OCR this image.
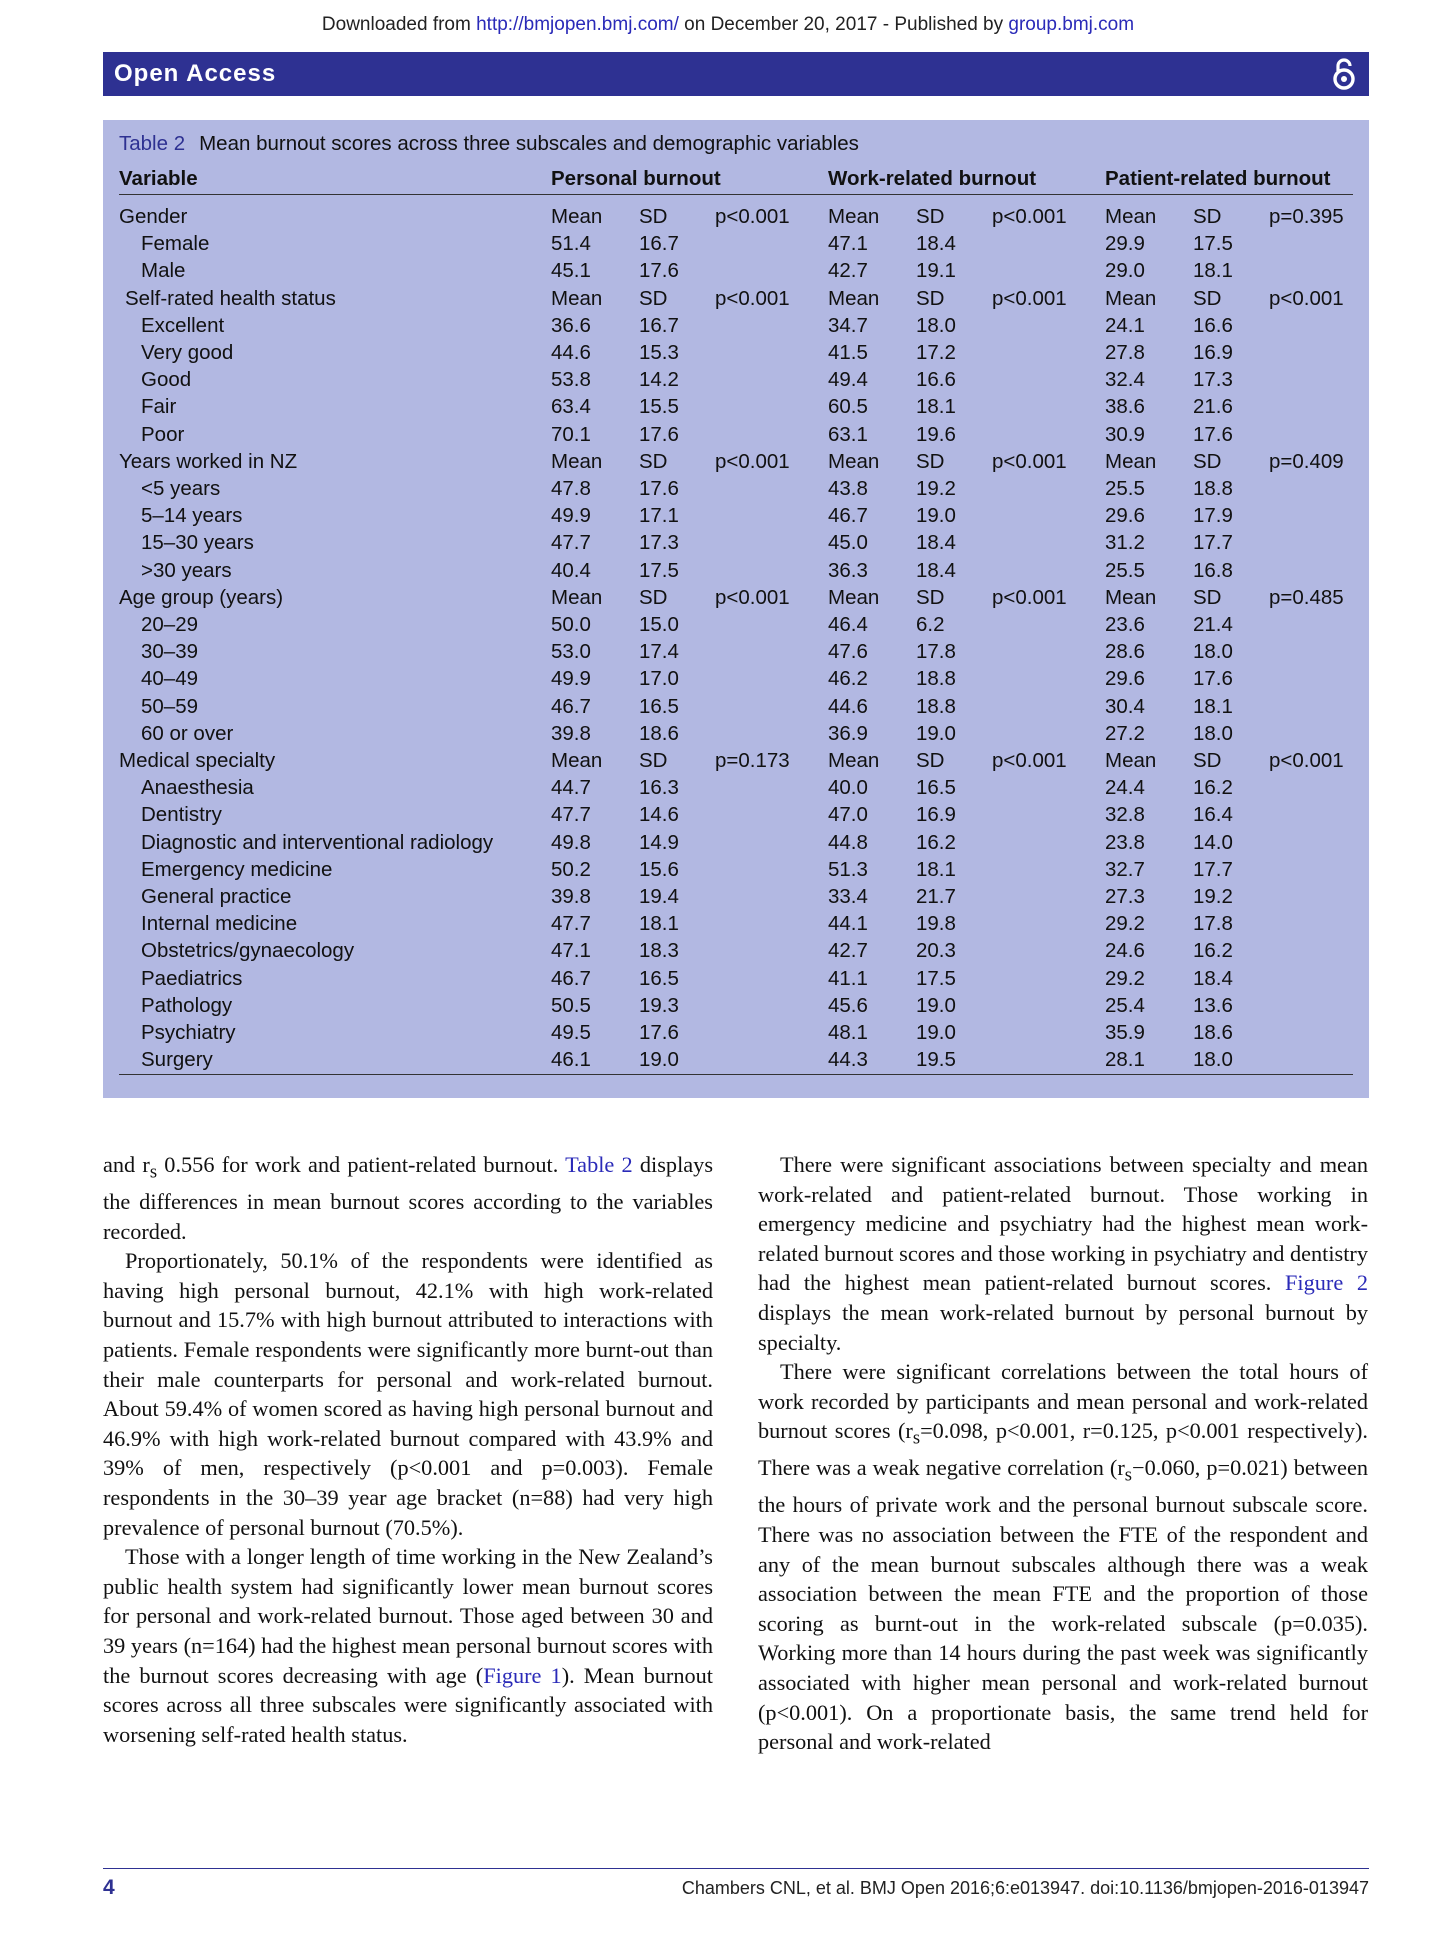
Downloaded from http://bmjopen.bmj.com/ on December 20, 2017 - Published by group.bmj.com
Open Access
Table 2 Mean burnout scores across three subscales and demographic variables
Variable	Personal burnout			Work-related burnout			Patient-related burnout		
Gender	Mean	SD	p<0.001	Mean	SD	p<0.001	Mean	SD	p=0.395
Female	51.4	16.7		47.1	18.4		29.9	17.5	
Male	45.1	17.6		42.7	19.1		29.0	18.1	
Self-rated health status	Mean	SD	p<0.001	Mean	SD	p<0.001	Mean	SD	p<0.001
Excellent	36.6	16.7		34.7	18.0		24.1	16.6	
Very good	44.6	15.3		41.5	17.2		27.8	16.9	
Good	53.8	14.2		49.4	16.6		32.4	17.3	
Fair	63.4	15.5		60.5	18.1		38.6	21.6	
Poor	70.1	17.6		63.1	19.6		30.9	17.6	
Years worked in NZ	Mean	SD	p<0.001	Mean	SD	p<0.001	Mean	SD	p=0.409
<5 years	47.8	17.6		43.8	19.2		25.5	18.8	
5–14 years	49.9	17.1		46.7	19.0		29.6	17.9	
15–30 years	47.7	17.3		45.0	18.4		31.2	17.7	
>30 years	40.4	17.5		36.3	18.4		25.5	16.8	
Age group (years)	Mean	SD	p<0.001	Mean	SD	p<0.001	Mean	SD	p=0.485
20–29	50.0	15.0		46.4	6.2		23.6	21.4	
30–39	53.0	17.4		47.6	17.8		28.6	18.0	
40–49	49.9	17.0		46.2	18.8		29.6	17.6	
50–59	46.7	16.5		44.6	18.8		30.4	18.1	
60 or over	39.8	18.6		36.9	19.0		27.2	18.0	
Medical specialty	Mean	SD	p=0.173	Mean	SD	p<0.001	Mean	SD	p<0.001
Anaesthesia	44.7	16.3		40.0	16.5		24.4	16.2	
Dentistry	47.7	14.6		47.0	16.9		32.8	16.4	
Diagnostic and interventional radiology	49.8	14.9		44.8	16.2		23.8	14.0	
Emergency medicine	50.2	15.6		51.3	18.1		32.7	17.7	
General practice	39.8	19.4		33.4	21.7		27.3	19.2	
Internal medicine	47.7	18.1		44.1	19.8		29.2	17.8	
Obstetrics/gynaecology	47.1	18.3		42.7	20.3		24.6	16.2	
Paediatrics	46.7	16.5		41.1	17.5		29.2	18.4	
Pathology	50.5	19.3		45.6	19.0		25.4	13.6	
Psychiatry	49.5	17.6		48.1	19.0		35.9	18.6	
Surgery	46.1	19.0		44.3	19.5		28.1	18.0	

and $r_s$ 0.556 for work and patient-related burnout. Table 2 displays the differences in mean burnout scores according to the variables recorded.

Proportionately, 50.1% of the respondents were identified as having high personal burnout, 42.1% with high work-related burnout and 15.7% with high burnout attributed to interactions with patients. Female respondents were significantly more burnt-out than their male counterparts for personal and work-related burnout. About 59.4% of women scored as having high personal burnout and 46.9% with high work-related burnout compared with 43.9% and 39% of men, respectively (p<0.001 and p=0.003). Female respondents in the 30–39 year age bracket (n=88) had very high prevalence of personal burnout (70.5%).

Those with a longer length of time working in the New Zealand’s public health system had significantly lower mean burnout scores for personal and work-related burnout. Those aged between 30 and 39 years (n=164) had the highest mean personal burnout scores with the burnout scores decreasing with age (Figure 1). Mean burnout scores across all three subscales were significantly associated with worsening self-rated health status.

There were significant associations between specialty and mean work-related and patient-related burnout. Those working in emergency medicine and psychiatry had the highest mean work-related burnout scores and those working in psychiatry and dentistry had the highest mean patient-related burnout scores. Figure 2 displays the mean work-related burnout by personal burnout by specialty.

There were significant correlations between the total hours of work recorded by participants and mean personal and work-related burnout scores ($r_s=0.098$, p<0.001, r=0.125, p<0.001 respectively). There was a weak negative correlation ($r_s-0.060$, p=0.021) between the hours of private work and the personal burnout subscale score. There was no association between the FTE of the respondent and any of the mean burnout subscales although there was a weak association between the mean FTE and the proportion of those scoring as burnt-out in the work-related subscale (p=0.035). Working more than 14 hours during the past week was significantly associated with higher mean personal and work-related burnout (p<0.001). On a proportionate basis, the same trend held for personal and work-related

4	Chambers CNL, et al. BMJ Open 2016;6:e013947. doi:10.1136/bmjopen-2016-013947
